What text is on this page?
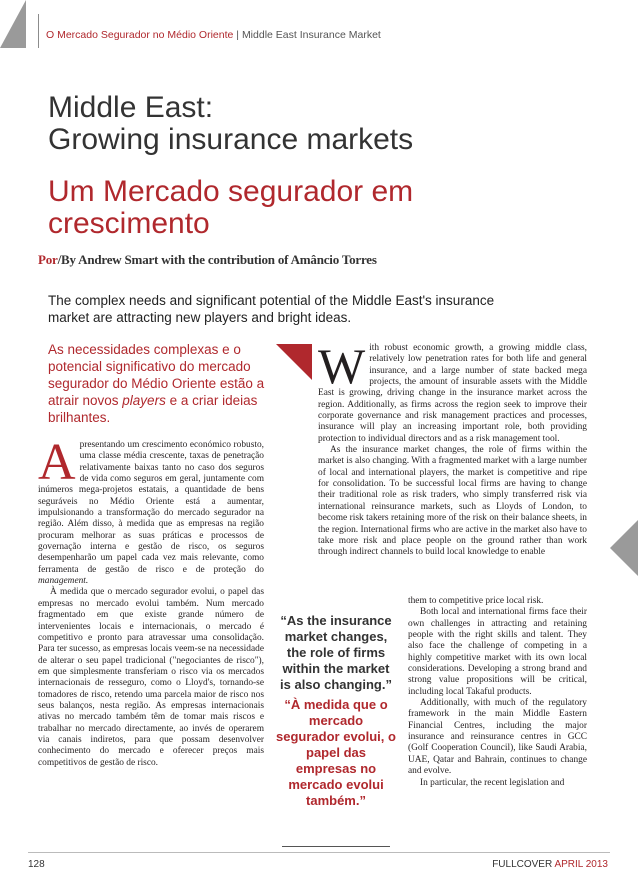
O Mercado Segurador no Médio Oriente | Middle East Insurance Market
Middle East:
Growing insurance markets
Um Mercado segurador em
crescimento
Por/By Andrew Smart with the contribution of Amâncio Torres
The complex needs and significant potential of the Middle East's insurance market are attracting new players and bright ideas.
As necessidades complexas e o potencial significativo do mercado segurador do Médio Oriente estão a atrair novos players e a criar ideias brilhantes.

Apresentando um crescimento económico robusto, uma classe média crescente, taxas de penetração relativamente baixas tanto no caso dos seguros de vida como seguros em geral, juntamente com inúmeros mega-projetos estatais, a quantidade de bens seguráveis no Médio Oriente está a aumentar, impulsionando a transformação do mercado segurador na região. Além disso, à medida que as empresas na região procuram melhorar as suas práticas e processos de governação interna e gestão de risco, os seguros desempenharão um papel cada vez mais relevante, como ferramenta de gestão de risco e de proteção do management.

À medida que o mercado segurador evolui, o papel das empresas no mercado evolui também. Num mercado fragmentado em que existe grande número de intervenientes locais e internacionais, o mercado é competitivo e pronto para atravessar uma consolidação. Para ter sucesso, as empresas locais veem-se na necessidade de alterar o seu papel tradicional ("negociantes de risco"), em que simplesmente transferiam o risco via os mercados internacionais de resseguro, como o Lloyd's, tornando-se tomadores de risco, retendo uma parcela maior de risco nos seus balanços, nesta região. As empresas internacionais ativas no mercado também têm de tomar mais riscos e trabalhar no mercado directamente, ao invés de operarem via canais indiretos, para que possam desenvolver conhecimento do mercado e oferecer preços mais competitivos de gestão de risco.

With robust economic growth, a growing middle class, relatively low penetration rates for both life and general insurance, and a large number of state backed mega projects, the amount of insurable assets with the Middle East is growing, driving change in the insurance market across the region. Additionally, as firms across the region seek to improve their corporate governance and risk management practices and processes, insurance will play an increasing important role, both providing protection to individual directors and as a risk management tool.

As the insurance market changes, the role of firms within the market is also changing. With a fragmented market with a large number of local and international players, the market is competitive and ripe for consolidation. To be successful local firms are having to change their traditional role as risk traders, who simply transferred risk via international reinsurance markets, such as Lloyds of London, to become risk takers retaining more of the risk on their balance sheets, in the region. International firms who are active in the market also have to take more risk and place people on the ground rather than work through indirect channels to build local knowledge to enable

them to competitive price local risk.

Both local and international firms face their own challenges in attracting and retaining people with the right skills and talent. They also face the challenge of competing in a highly competitive market with its own local considerations. Developing a strong brand and strong value propositions will be critical, including local Takaful products.

Additionally, with much of the regulatory framework in the main Middle Eastern Financial Centres, including the major insurance and reinsurance centres in GCC (Golf Cooperation Council), like Saudi Arabia, UAE, Qatar and Bahrain, continues to change and evolve.

In particular, the recent legislation and

“As the insurance market changes, the role of firms within the market is also changing.”
“À medida que o mercado segurador evolui, o papel das empresas no mercado evolui também.”
128	FULLCOVER APRIL 2013
